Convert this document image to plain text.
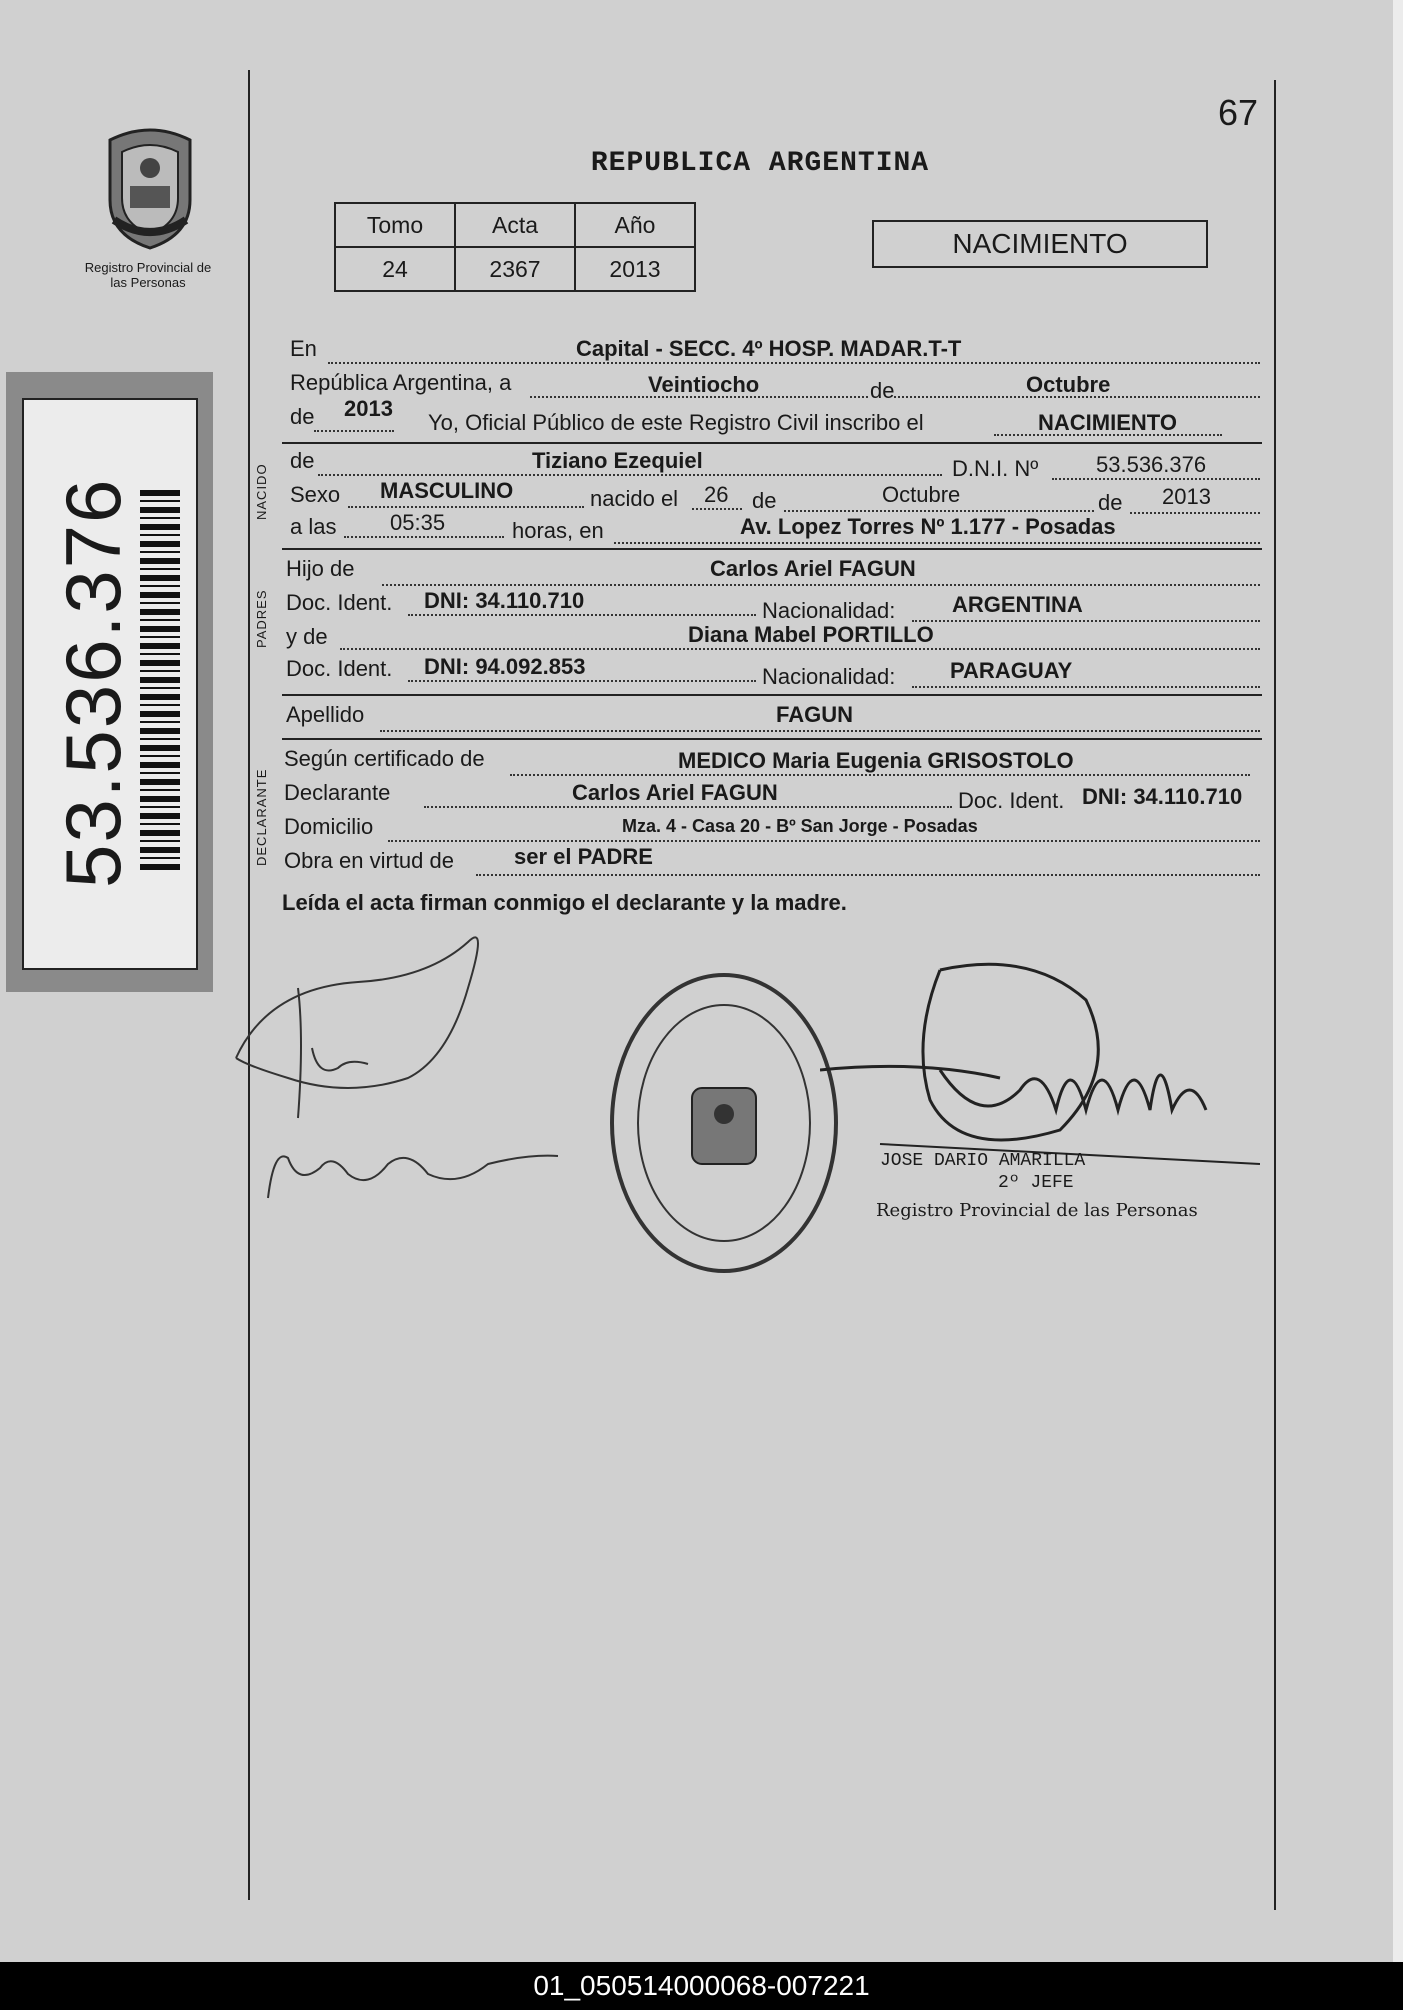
67
REPUBLICA ARGENTINA
Registro Provincial de las Personas
53.536.376
Tomo	Acta	Año
24	2367	2013
NACIMIENTO
En	Capital - SECC. 4º HOSP. MADAR.T-T
República Argentina, a	Veintiocho	de	Octubre
de 2013
Yo, Oficial Público de este Registro Civil inscribo el	NACIMIENTO
NACIDO
de	Tiziano Ezequiel	D.N.I. Nº	53.536.376
Sexo MASCULINO	nacido el 26 de	Octubre	de 2013
a las 05:35	horas, en	Av. Lopez Torres Nº 1.177 - Posadas
PADRES
Hijo de	Carlos Ariel FAGUN
Doc. Ident. DNI: 34.110.710	Nacionalidad:	ARGENTINA
y de	Diana Mabel PORTILLO
Doc. Ident. DNI: 94.092.853	Nacionalidad: PARAGUAY
Apellido	FAGUN
DECLARANTE
Según certificado de	MEDICO Maria Eugenia GRISOSTOLO
Declarante	Carlos Ariel FAGUN	Doc. Ident. DNI: 34.110.710
Domicilio	Mza. 4 - Casa 20 - Bº San Jorge - Posadas
Obra en virtud de	ser el PADRE
Leída el acta firman conmigo el declarante y la madre.
JOSE DARIO AMARILLA
2º JEFE
Registro Provincial de las Personas
01_050514000068-007221
